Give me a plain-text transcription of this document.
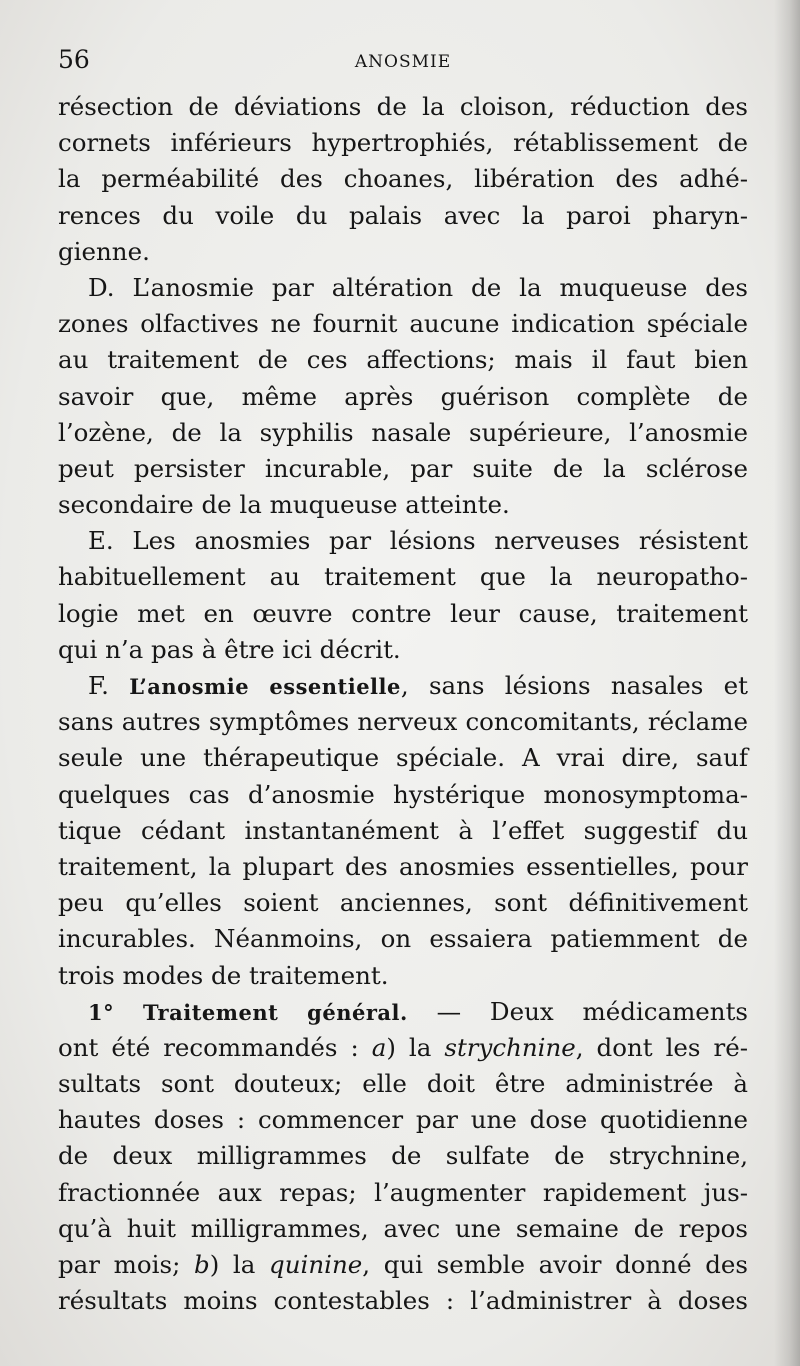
56	ANOSMIE
résection de déviations de la cloison, réduction des
cornets inférieurs hypertrophiés, rétablissement de
la perméabilité des choanes, libération des adhé-
rences du voile du palais avec la paroi pharyn-
gienne.
D. L’anosmie par altération de la muqueuse des
zones olfactives ne fournit aucune indication spéciale
au traitement de ces affections; mais il faut bien
savoir que, même après guérison complète de
l’ozène, de la syphilis nasale supérieure, l’anosmie
peut persister incurable, par suite de la sclérose
secondaire de la muqueuse atteinte.
E. Les anosmies par lésions nerveuses résistent
habituellement au traitement que la neuropatho-
logie met en œuvre contre leur cause, traitement
qui n’a pas à être ici décrit.
F. L’anosmie essentielle, sans lésions nasales et
sans autres symptômes nerveux concomitants, réclame
seule une thérapeutique spéciale. A vrai dire, sauf
quelques cas d’anosmie hystérique monosymptoma-
tique cédant instantanément à l’effet suggestif du
traitement, la plupart des anosmies essentielles, pour
peu qu’elles soient anciennes, sont définitivement
incurables. Néanmoins, on essaiera patiemment de
trois modes de traitement.
1° Traitement général. — Deux médicaments
ont été recommandés : a) la strychnine, dont les ré-
sultats sont douteux; elle doit être administrée à
hautes doses : commencer par une dose quotidienne
de deux milligrammes de sulfate de strychnine,
fractionnée aux repas; l’augmenter rapidement jus-
qu’à huit milligrammes, avec une semaine de repos
par mois; b) la quinine, qui semble avoir donné des
résultats moins contestables : l’administrer à doses
